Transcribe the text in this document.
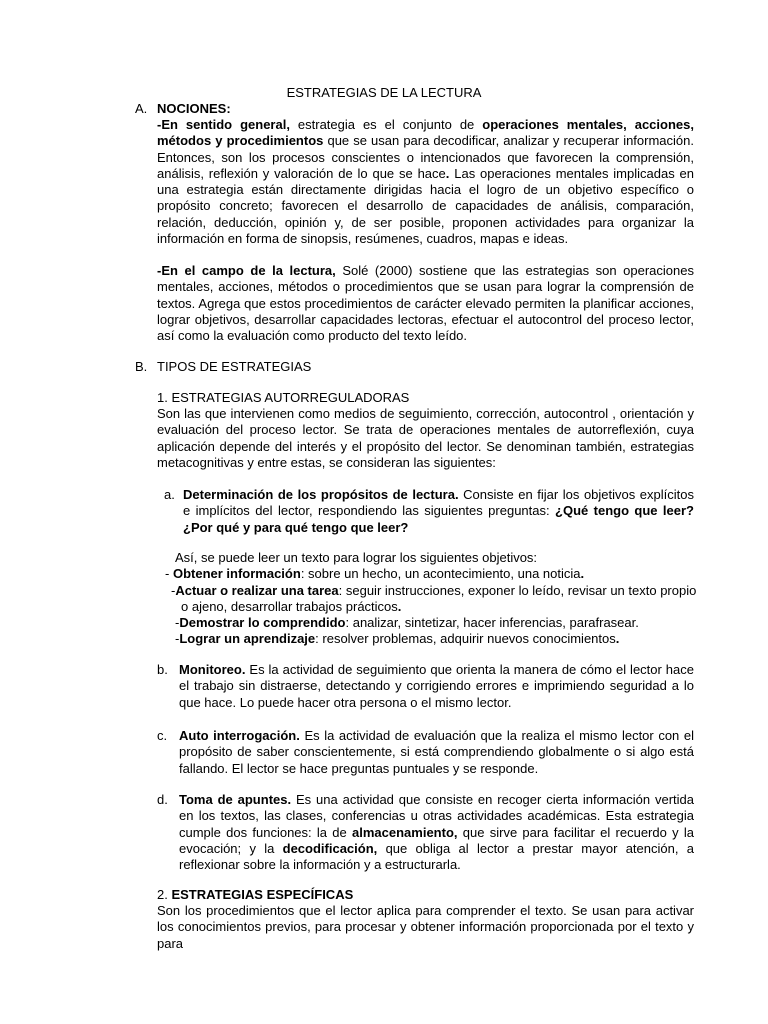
ESTRATEGIAS DE LA LECTURA
A. NOCIONES:

-En sentido general, estrategia es el conjunto de operaciones mentales, acciones, métodos y procedimientos que se usan para decodificar, analizar y recuperar información. Entonces, son los procesos conscientes o intencionados que favorecen la comprensión, análisis, reflexión y valoración de lo que se hace. Las operaciones mentales implicadas en una estrategia están directamente dirigidas hacia el logro de un objetivo específico o propósito concreto; favorecen el desarrollo de capacidades de análisis, comparación, relación, deducción, opinión y, de ser posible, proponen actividades para organizar la información en forma de sinopsis, resúmenes, cuadros, mapas e ideas.

-En el campo de la lectura, Solé (2000) sostiene que las estrategias son operaciones mentales, acciones, métodos o procedimientos que se usan para lograr la comprensión de textos. Agrega que estos procedimientos de carácter elevado permiten la planificar acciones, lograr objetivos, desarrollar capacidades lectoras, efectuar el autocontrol del proceso lector, así como la evaluación como producto del texto leído.

B. TIPOS DE ESTRATEGIAS
1. ESTRATEGIAS AUTORREGULADORAS

Son las que intervienen como medios de seguimiento, corrección, autocontrol , orientación y evaluación del proceso lector. Se trata de operaciones mentales de autorreflexión, cuya aplicación depende del interés y el propósito del lector. Se denominan también, estrategias metacognitivas y entre estas, se consideran las siguientes:

a. Determinación de los propósitos de lectura. Consiste en fijar los objetivos explícitos e implícitos del lector, respondiendo las siguientes preguntas: ¿Qué tengo que leer? ¿Por qué y para qué tengo que leer?
Así, se puede leer un texto para lograr los siguientes objetivos:
- Obtener información: sobre un hecho, un acontecimiento, una noticia.
-Actuar o realizar una tarea: seguir instrucciones, exponer lo leído, revisar un texto propio
o ajeno, desarrollar trabajos prácticos.
-Demostrar lo comprendido: analizar, sintetizar, hacer inferencias, parafrasear.
-Lograr un aprendizaje: resolver problemas, adquirir nuevos conocimientos.
b. Monitoreo. Es la actividad de seguimiento que orienta la manera de cómo el lector hace el trabajo sin distraerse, detectando y corrigiendo errores e imprimiendo seguridad a lo que hace. Lo puede hacer otra persona o el mismo lector.
c. Auto interrogación. Es la actividad de evaluación que la realiza el mismo lector con el propósito de saber conscientemente, si está comprendiendo globalmente o si algo está fallando. El lector se hace preguntas puntuales y se responde.
d. Toma de apuntes. Es una actividad que consiste en recoger cierta información vertida en los textos, las clases, conferencias u otras actividades académicas. Esta estrategia cumple dos funciones: la de almacenamiento, que sirve para facilitar el recuerdo y la evocación; y la decodificación, que obliga al lector a prestar mayor atención, a reflexionar sobre la información y a estructurarla.
2. ESTRATEGIAS ESPECÍFICAS

Son los procedimientos que el lector aplica para comprender el texto. Se usan para activar los conocimientos previos, para procesar y obtener información proporcionada por el texto y para
